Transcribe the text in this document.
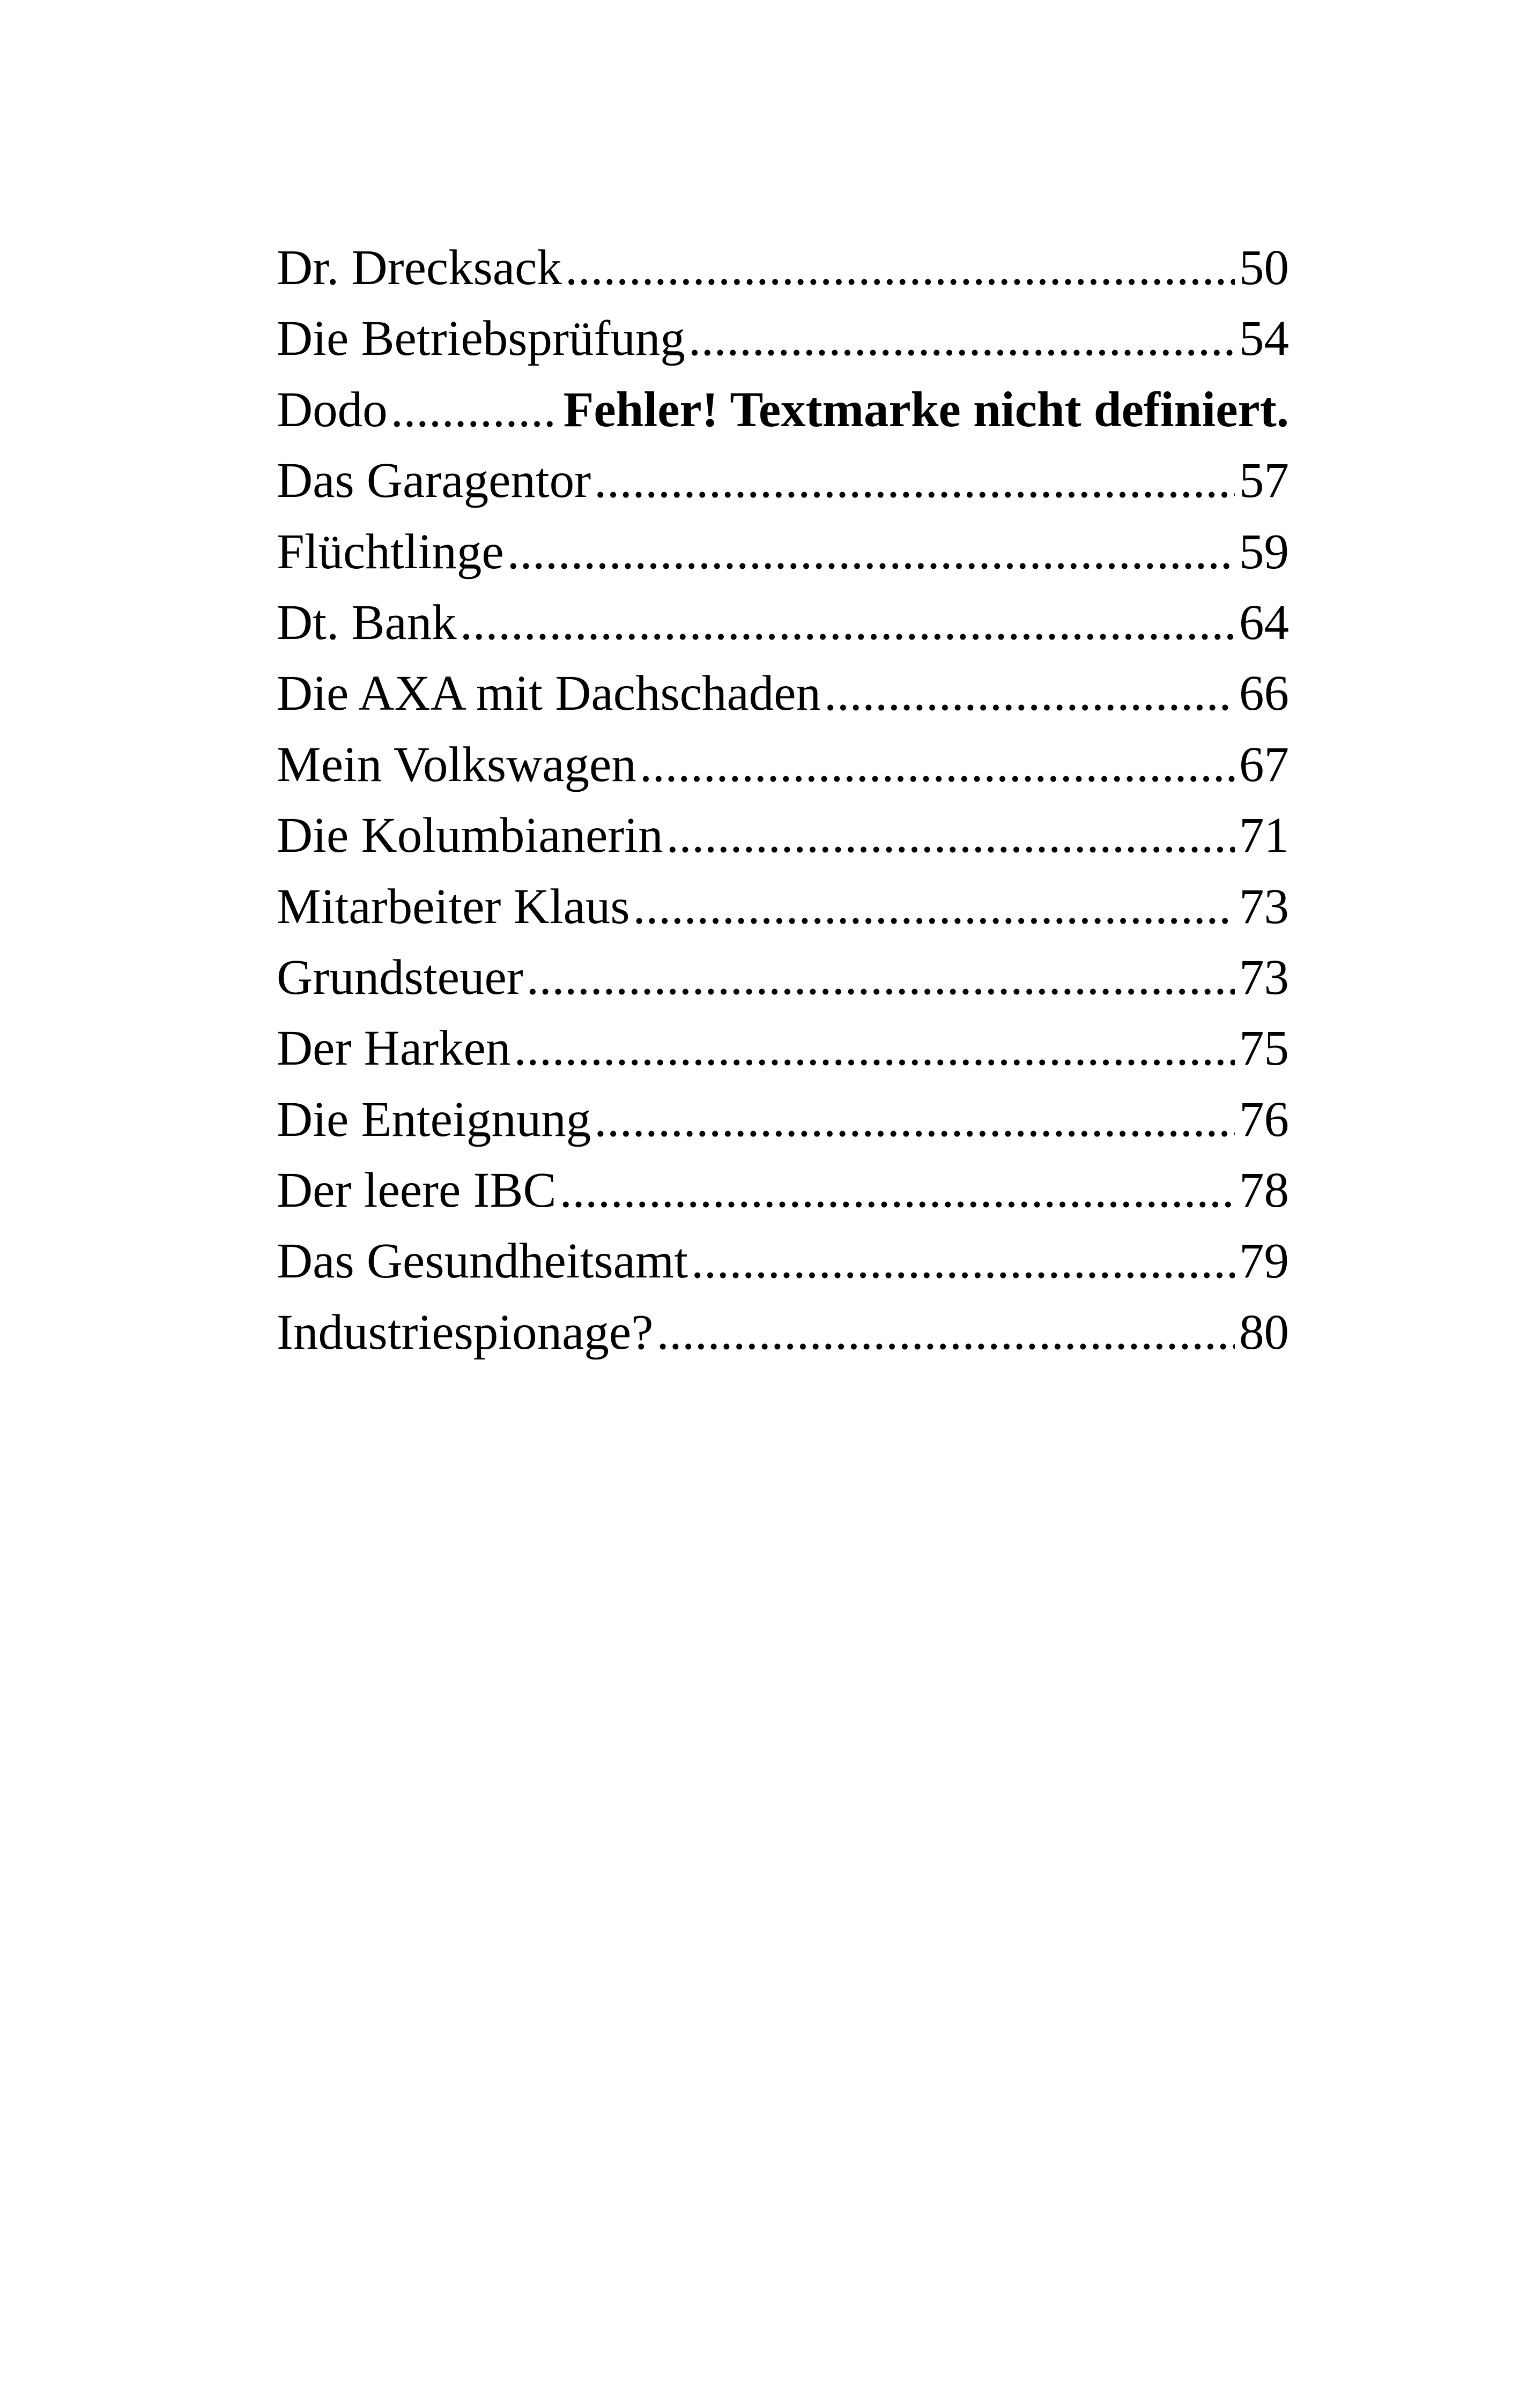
Dr. Drecksack .....	50
Die Betriebsprüfung .....	54
Dodo .....	Fehler! Textmarke nicht definiert.
Das Garagentor .....	57
Flüchtlinge .....	59
Dt. Bank .....	64
Die AXA mit Dachschaden .....	66
Mein Volkswagen .....	67
Die Kolumbianerin .....	71
Mitarbeiter Klaus .....	73
Grundsteuer .....	73
Der Harken .....	75
Die Enteignung .....	76
Der leere IBC .....	78
Das Gesundheitsamt .....	79
Industriespionage? .....	80
